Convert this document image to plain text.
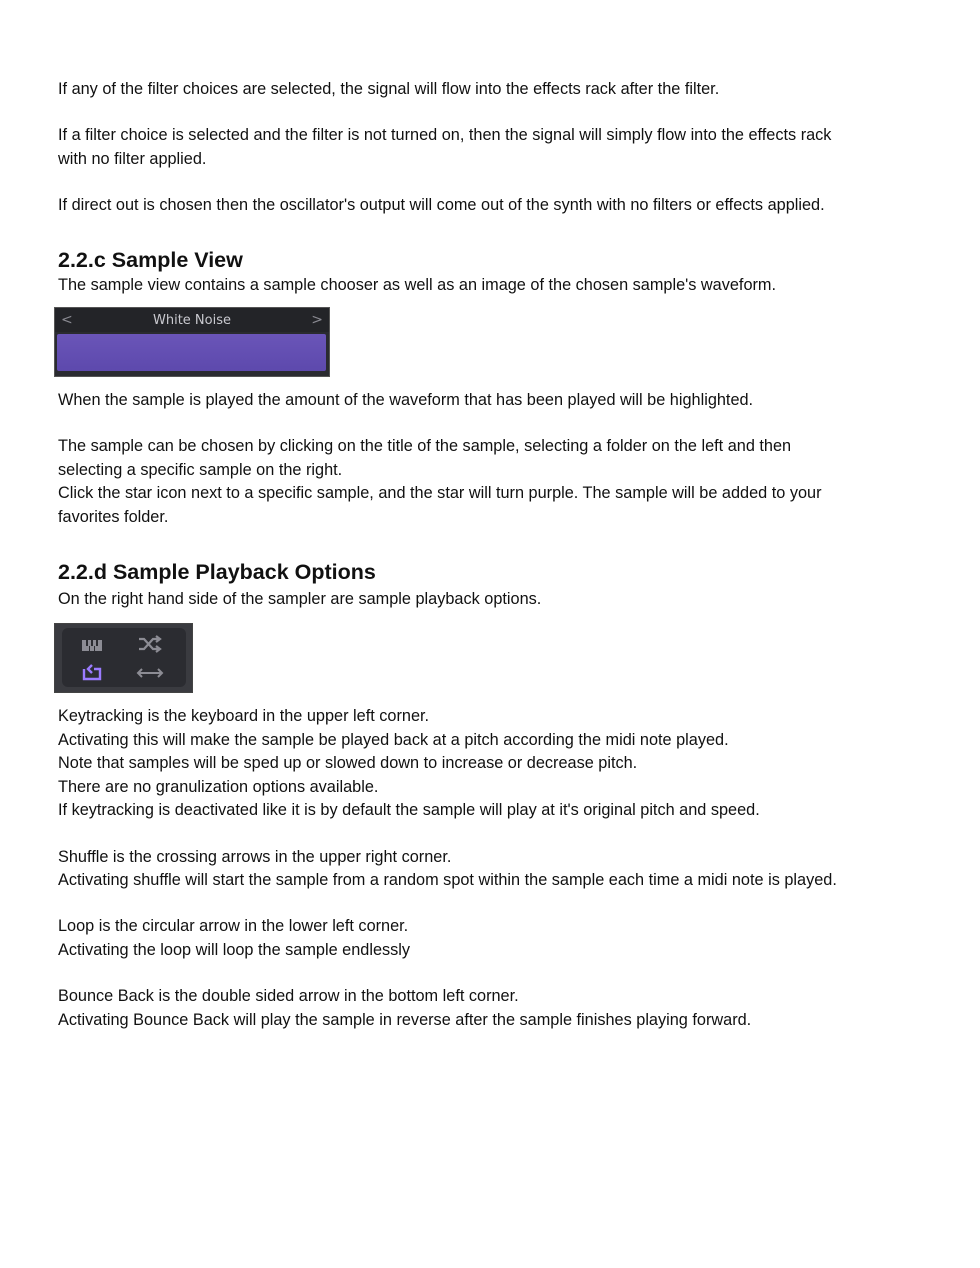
If any of the filter choices are selected, the signal will flow into the effects rack after the filter.

If a filter choice is selected and the filter is not turned on, then the signal will simply flow into the effects rack

with no filter applied.

If direct out is chosen then the oscillator's output will come out of the synth with no filters or effects applied.

2.2.c Sample View

The sample view contains a sample chooser as well as an image of the chosen sample's waveform.

<	White Noise	>

When the sample is played the amount of the waveform that has been played will be highlighted.

The sample can be chosen by clicking on the title of the sample, selecting a folder on the left and then

selecting a specific sample on the right.

Click the star icon next to a specific sample, and the star will turn purple. The sample will be added to your

favorites folder.

2.2.d Sample Playback Options

On the right hand side of the sampler are sample playback options.

Keytracking is the keyboard in the upper left corner.

Activating this will make the sample be played back at a pitch according the midi note played.

Note that samples will be sped up or slowed down to increase or decrease pitch.

There are no granulization options available.

If keytracking is deactivated like it is by default the sample will play at it's original pitch and speed.

Shuffle is the crossing arrows in the upper right corner.

Activating shuffle will start the sample from a random spot within the sample each time a midi note is played.

Loop is the circular arrow in the lower left corner.

Activating the loop will loop the sample endlessly

Bounce Back is the double sided arrow in the bottom left corner.

Activating Bounce Back will play the sample in reverse after the sample finishes playing forward.
